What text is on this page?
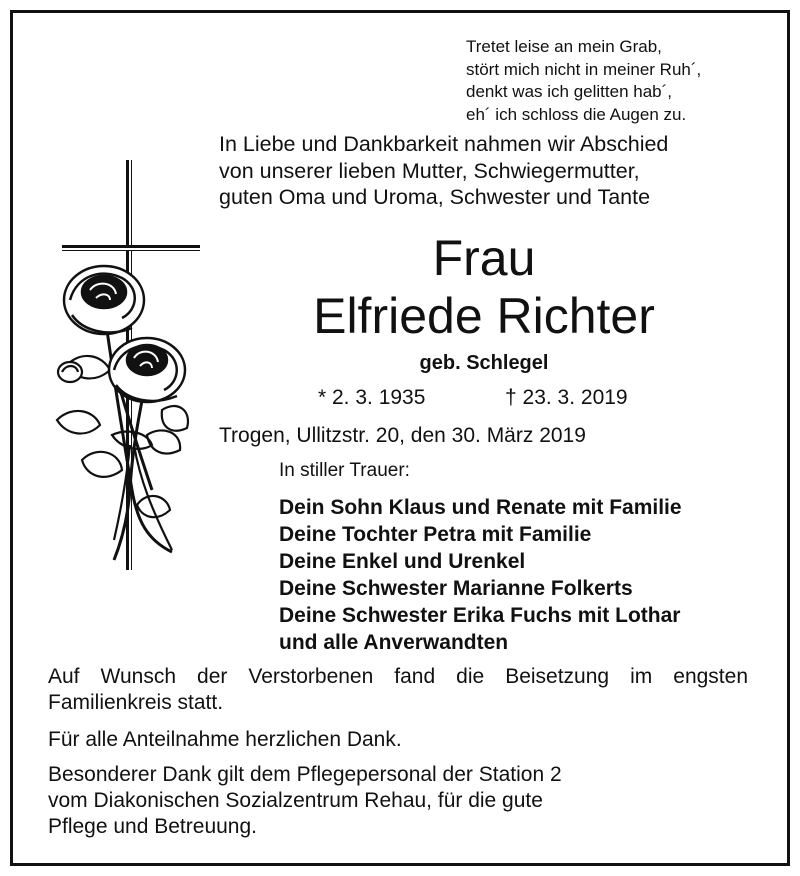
Tretet leise an mein Grab,
stört mich nicht in meiner Ruh´,
denkt was ich gelitten hab´,
eh´ ich schloss die Augen zu.
In Liebe und Dankbarkeit nahmen wir Abschied
von unserer lieben Mutter, Schwiegermutter,
guten Oma und Uroma, Schwester und Tante
Frau
Elfriede Richter
geb. Schlegel
* 2. 3. 1935	† 23. 3. 2019
Trogen, Ullitzstr. 20, den 30. März 2019
In stiller Trauer:
Dein Sohn Klaus und Renate mit Familie
Deine Tochter Petra mit Familie
Deine Enkel und Urenkel
Deine Schwester Marianne Folkerts
Deine Schwester Erika Fuchs mit Lothar
und alle Anverwandten
Auf Wunsch der Verstorbenen fand die Beisetzung im engsten Familienkreis statt.
Für alle Anteilnahme herzlichen Dank.
Besonderer Dank gilt dem Pflegepersonal der Station 2
vom Diakonischen Sozialzentrum Rehau, für die gute
Pflege und Betreuung.
